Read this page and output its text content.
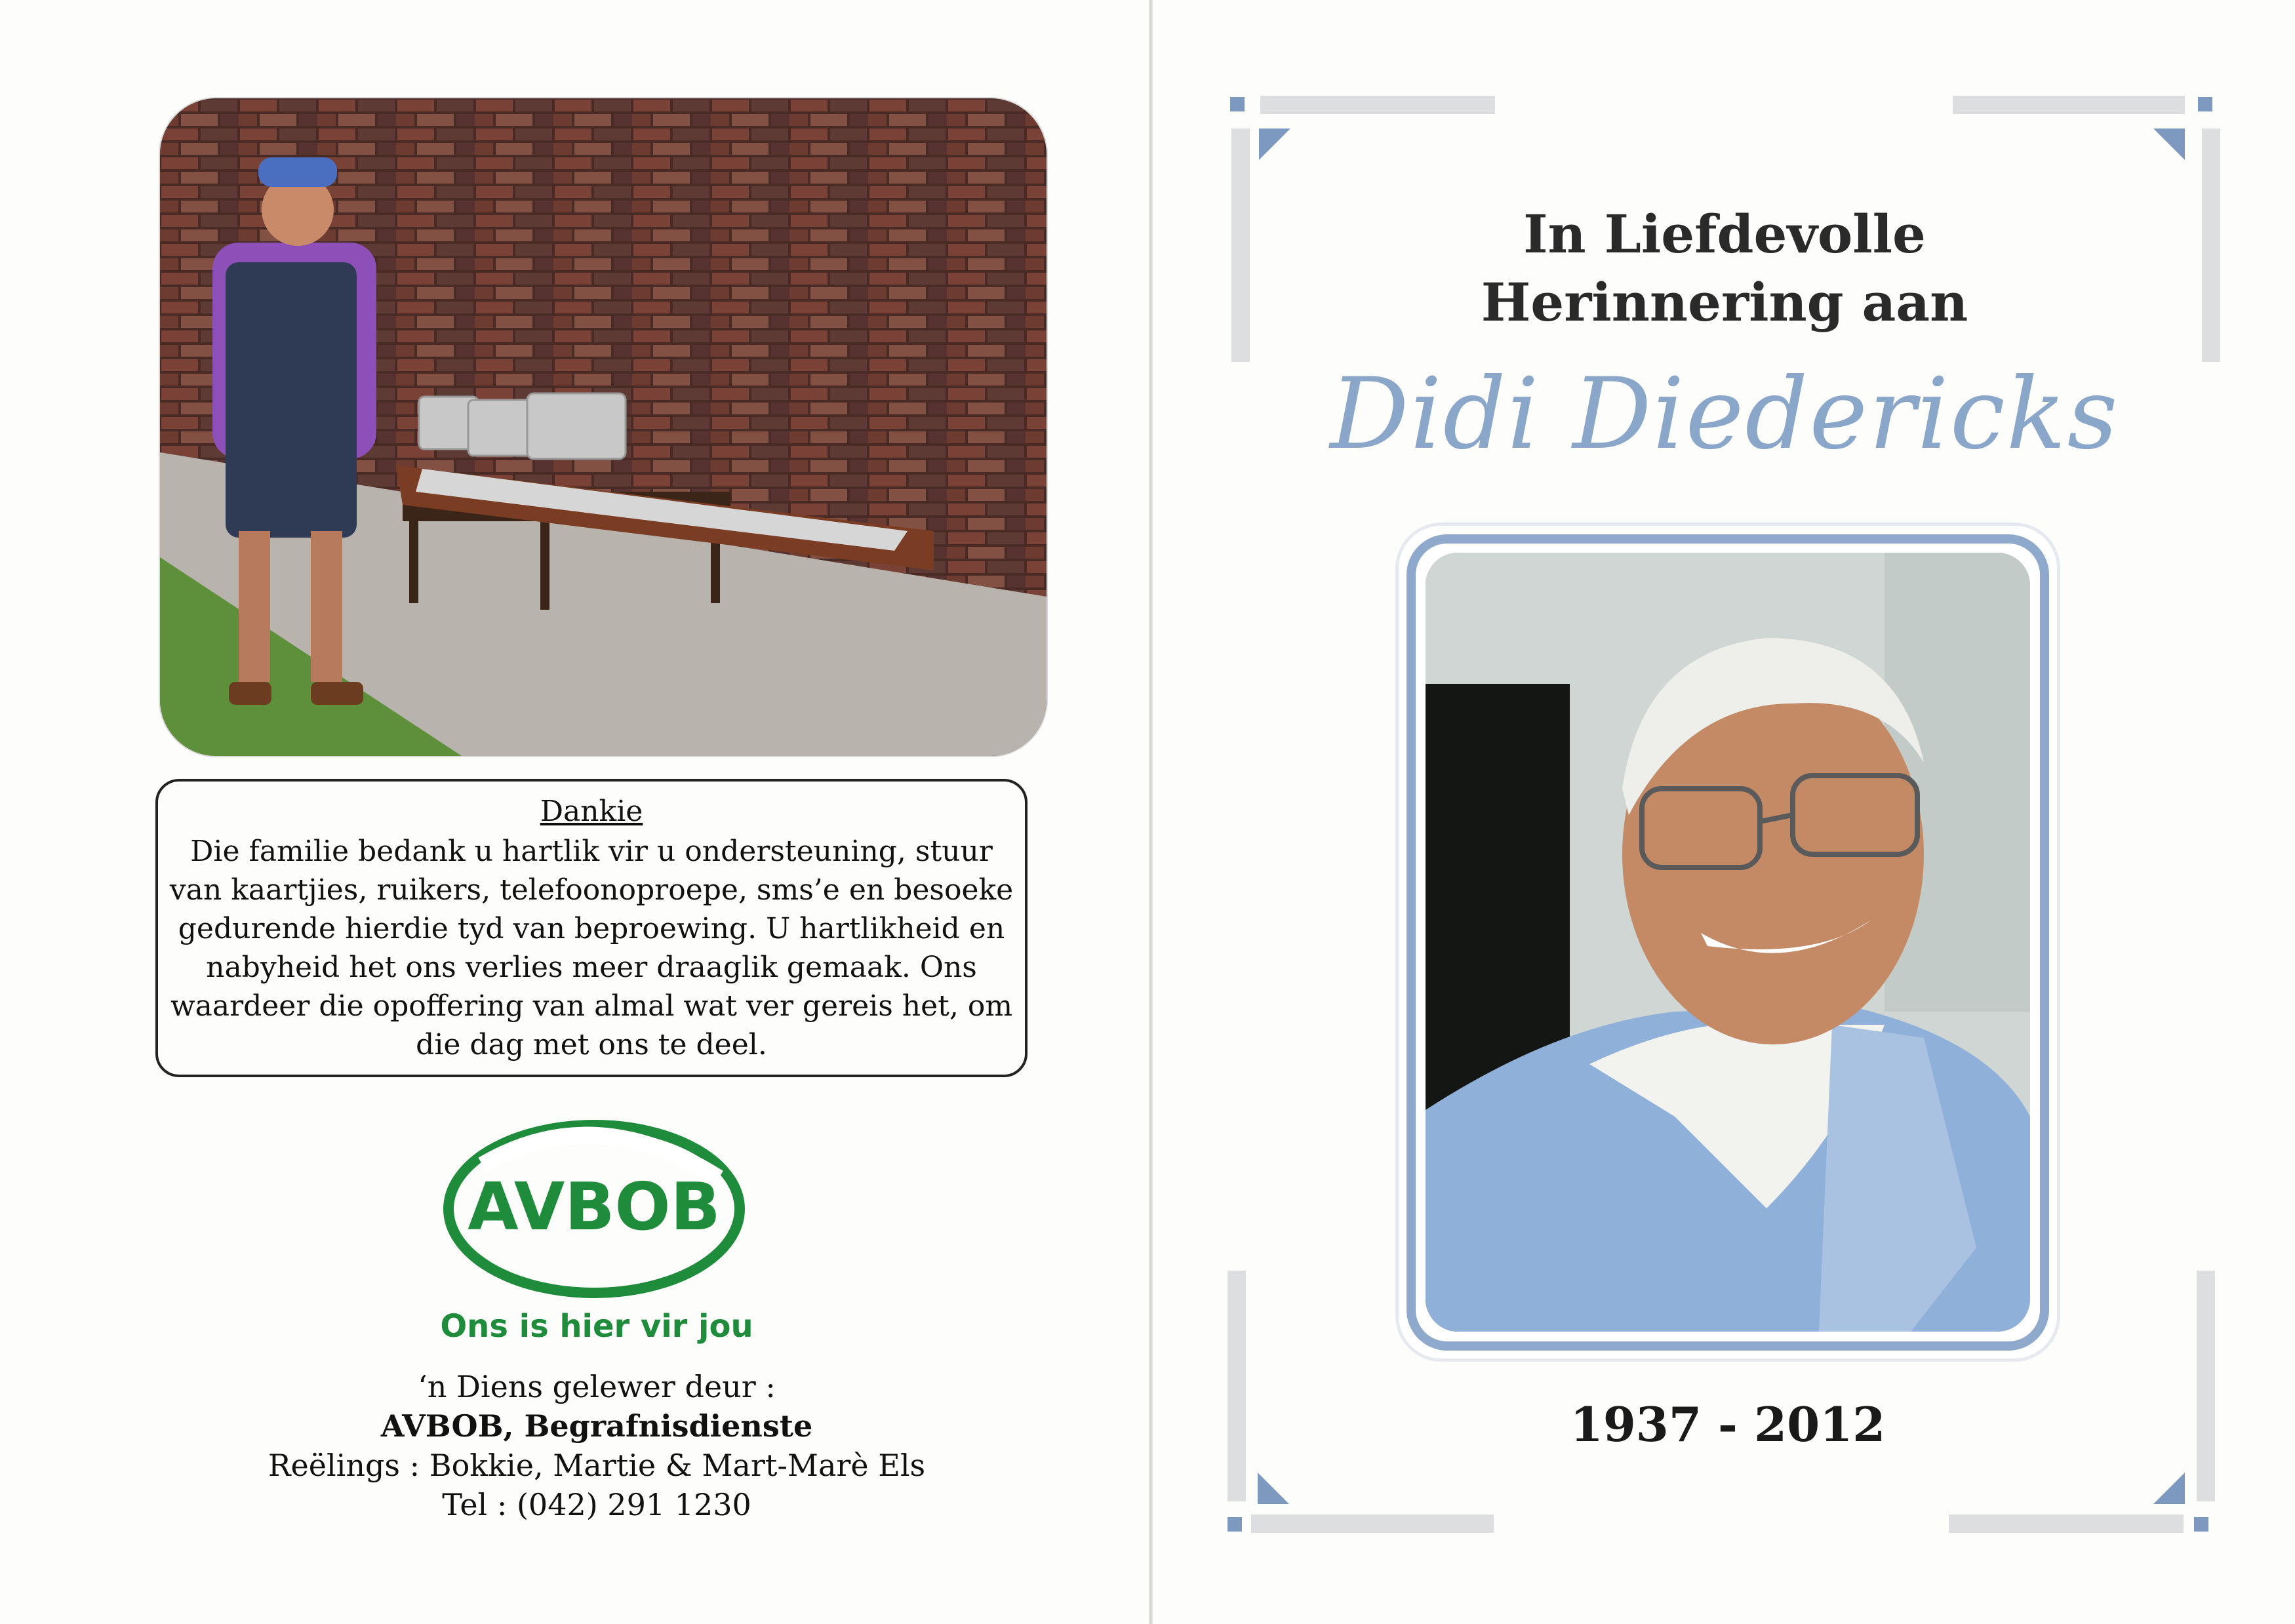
Dankie
Die familie bedank u hartlik vir u ondersteuning, stuur van kaartjies, ruikers, telefoonoproepe, sms’e en besoeke gedurende hierdie tyd van beproewing. U hartlikheid en nabyheid het ons verlies meer draaglik gemaak. Ons waardeer die opoffering van almal wat ver gereis het, om die dag met ons te deel.
AVBOB
Ons is hier vir jou
‘n Diens gelewer deur :
AVBOB, Begrafnisdienste
Reëlings : Bokkie, Martie & Mart-Marè Els
Tel : (042) 291 1230
In Liefdevolle
Herinnering aan
Didi Diedericks
1937 - 2012
